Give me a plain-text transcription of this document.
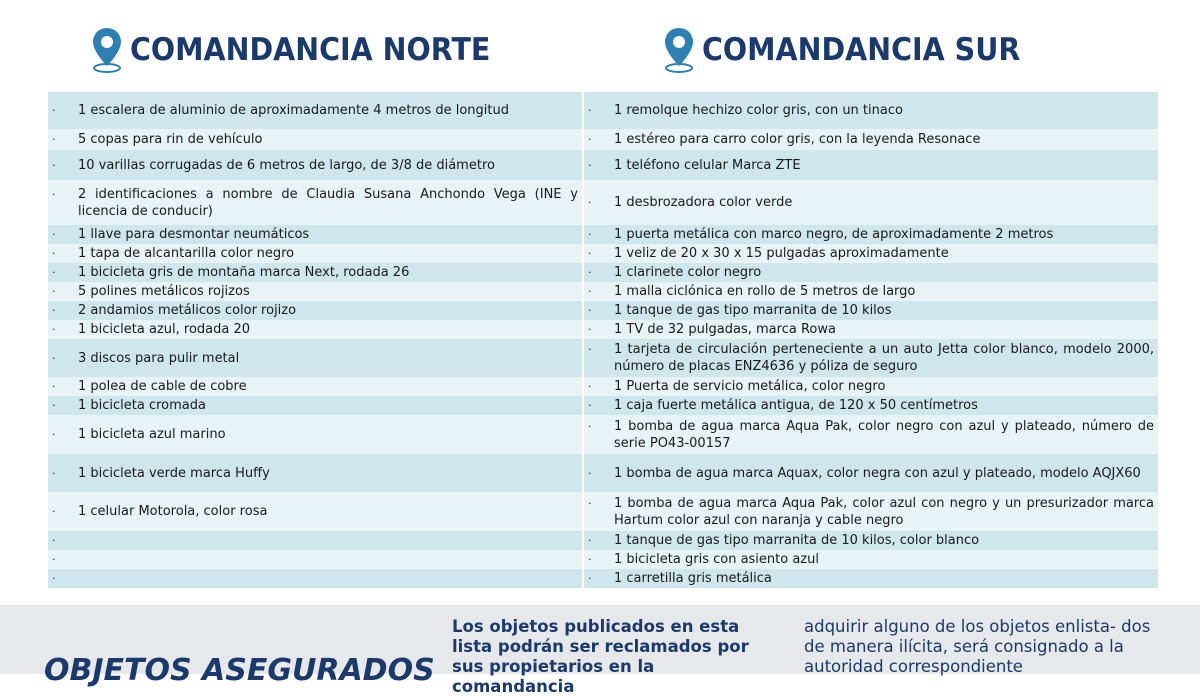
COMANDANCIA NORTE	COMANDANCIA SUR
· 1 escalera de aluminio de aproximadamente 4 metros de longitud	· 1 remolque hechizo color gris, con un tinaco

· 5 copas para rin de vehículo	· 1 estéreo para carro color gris, con la leyenda Resonace

· 10 varillas corrugadas de 6 metros de largo, de 3/8 de diámetro	· 1 teléfono celular Marca ZTE

· 2 identificaciones a nombre de Claudia Susana Anchondo Vega (INE y licencia de conducir)	· 1 desbrozadora color verde

· 1 llave para desmontar neumáticos	· 1 puerta metálica con marco negro, de aproximadamente 2 metros

· 1 tapa de alcantarilla color negro	· 1 veliz de 20 x 30 x 15 pulgadas aproximadamente

· 1 bicicleta gris de montaña marca Next, rodada 26	· 1 clarinete color negro

· 5 polines metálicos rojizos	· 1 malla ciclónica en rollo de 5 metros de largo

· 2 andamios metálicos color rojizo	· 1 tanque de gas tipo marranita de 10 kilos

· 1 bicicleta azul, rodada 20	· 1 TV de 32 pulgadas, marca Rowa

· 3 discos para pulir metal	· 1 tarjeta de circulación perteneciente a un auto Jetta color blanco, modelo 2000, número de placas ENZ4636 y póliza de seguro

· 1 polea de cable de cobre	· 1 Puerta de servicio metálica, color negro

· 1 bicicleta cromada	· 1 caja fuerte metálica antigua, de 120 x 50 centímetros

· 1 bicicleta azul marino	· 1 bomba de agua marca Aqua Pak, color negro con azul y plateado, número de serie PO43-00157

· 1 bicicleta verde marca Huffy	· 1 bomba de agua marca Aquax, color negra con azul y plateado, modelo AQJX60

· 1 celular Motorola, color rosa	· 1 bomba de agua marca Aqua Pak, color azul con negro y un presurizador marca Hartum color azul con naranja y cable negro

·	· 1 tanque de gas tipo marranita de 10 kilos, color blanco

·	· 1 bicicleta gris con asiento azul

·	· 1 carretilla gris metálica
OBJETOS ASEGURADOS
Los objetos publicados en esta lista podrán ser reclamados por sus propietarios en la comandancia
adquirir alguno de los objetos enlista- dos de manera ilícita, será consignado a la autoridad correspondiente
